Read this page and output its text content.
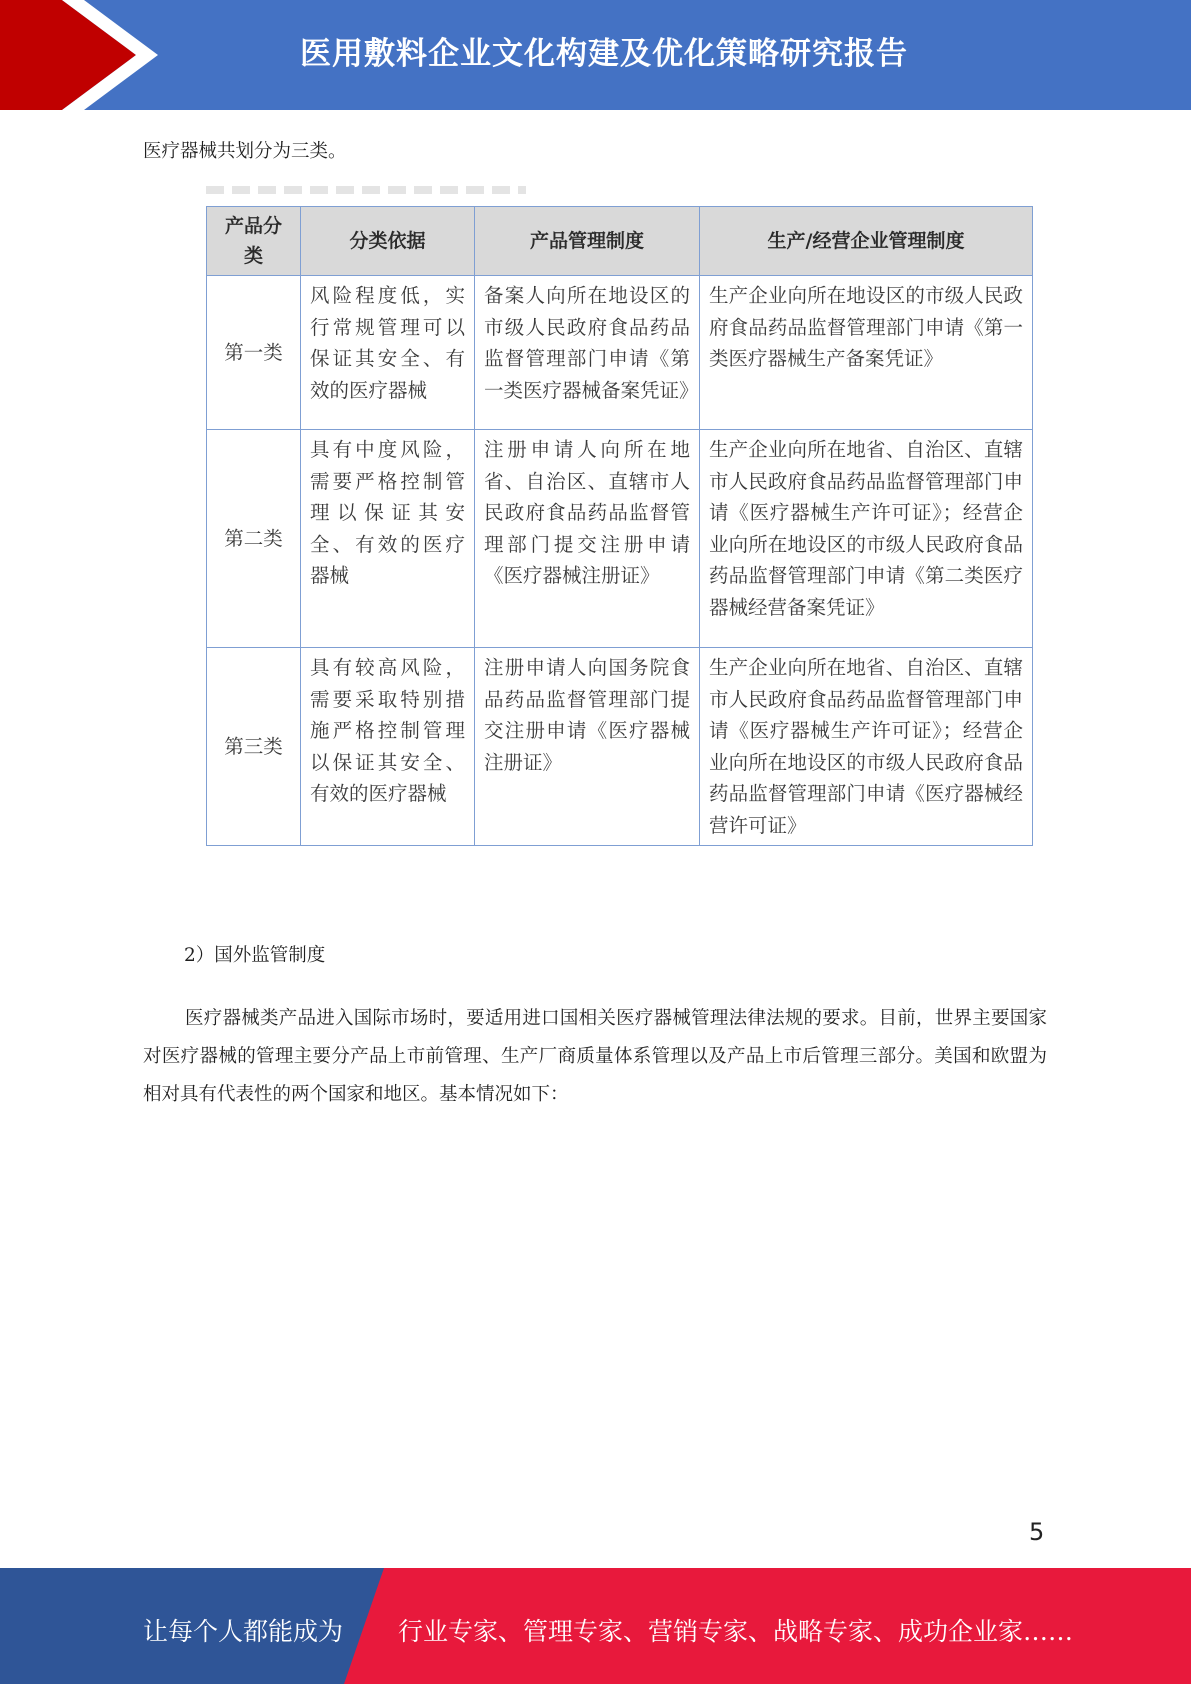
医用敷料企业文化构建及优化策略研究报告
医疗器械共划分为三类。
产品分类	分类依据	产品管理制度	生产/经营企业管理制度
第一类	风险程度低，实行常规管理可以保证其安全、有效的医疗器械	备案人向所在地设区的市级人民政府食品药品监督管理部门申请《第一类医疗器械备案凭证》	生产企业向所在地设区的市级人民政府食品药品监督管理部门申请《第一类医疗器械生产备案凭证》
第二类	具有中度风险，需要严格控制管理以保证其安全、有效的医疗器械	注册申请人向所在地省、自治区、直辖市人民政府食品药品监督管理部门提交注册申请《医疗器械注册证》	生产企业向所在地省、自治区、直辖市人民政府食品药品监督管理部门申请《医疗器械生产许可证》；经营企业向所在地设区的市级人民政府食品药品监督管理部门申请《第二类医疗器械经营备案凭证》
第三类	具有较高风险，需要采取特别措施严格控制管理以保证其安全、有效的医疗器械	注册申请人向国务院食品药品监督管理部门提交注册申请《医疗器械注册证》	生产企业向所在地省、自治区、直辖市人民政府食品药品监督管理部门申请《医疗器械生产许可证》；经营企业向所在地设区的市级人民政府食品药品监督管理部门申请《医疗器械经营许可证》
2）国外监管制度
医疗器械类产品进入国际市场时，要适用进口国相关医疗器械管理法律法规的要求。目前，世界主要国家对医疗器械的管理主要分产品上市前管理、生产厂商质量体系管理以及产品上市后管理三部分。美国和欧盟为相对具有代表性的两个国家和地区。基本情况如下：
5
让每个人都能成为 行业专家、管理专家、营销专家、战略专家、成功企业家……
